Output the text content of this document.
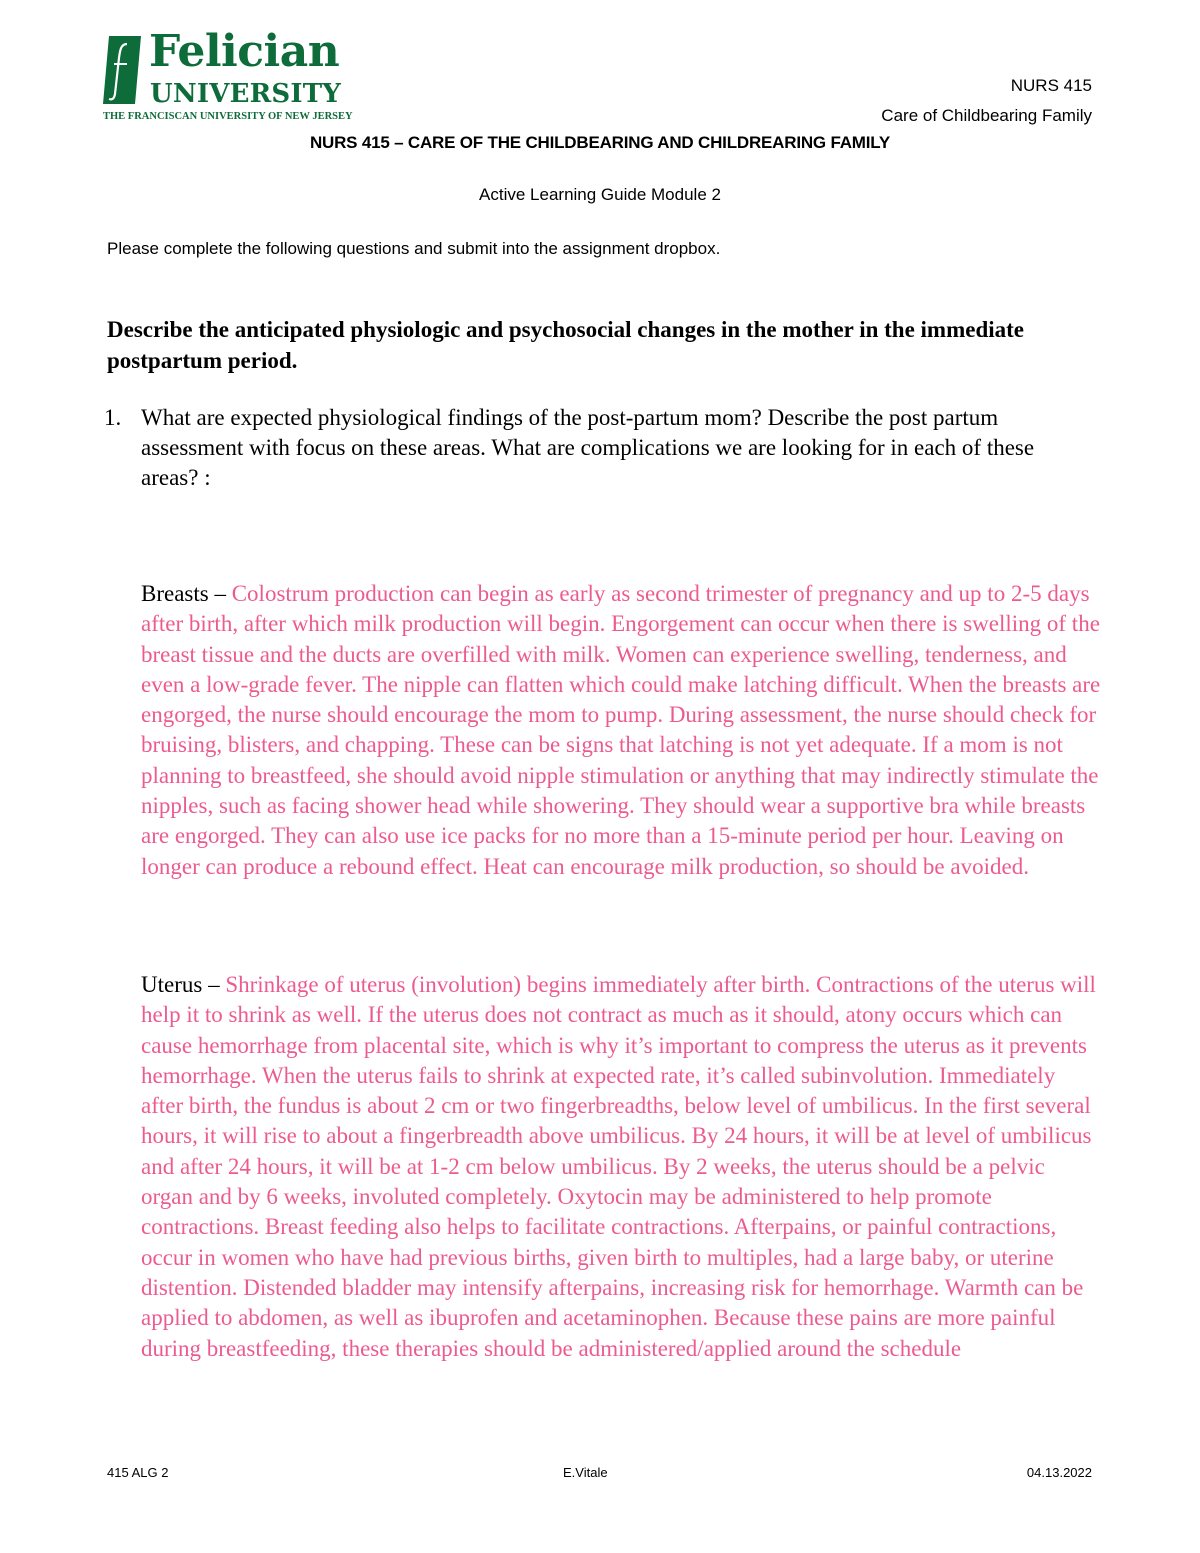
Felician
UNIVERSITY
THE FRANCISCAN UNIVERSITY OF NEW JERSEY
NURS 415
Care of Childbearing Family
NURS 415 – CARE OF THE CHILDBEARING AND CHILDREARING FAMILY
Active Learning Guide Module 2
Please complete the following questions and submit into the assignment dropbox.
Describe the anticipated physiologic and psychosocial changes in the mother in the immediate postpartum period.
1. What are expected physiological findings of the post-partum mom? Describe the post partum assessment with focus on these areas. What are complications we are looking for in each of these areas? :
Breasts – Colostrum production can begin as early as second trimester of pregnancy and up to 2-5 days after birth, after which milk production will begin. Engorgement can occur when there is swelling of the breast tissue and the ducts are overfilled with milk. Women can experience swelling, tenderness, and even a low-grade fever. The nipple can flatten which could make latching difficult. When the breasts are engorged, the nurse should encourage the mom to pump. During assessment, the nurse should check for bruising, blisters, and chapping. These can be signs that latching is not yet adequate. If a mom is not planning to breastfeed, she should avoid nipple stimulation or anything that may indirectly stimulate the nipples, such as facing shower head while showering. They should wear a supportive bra while breasts are engorged. They can also use ice packs for no more than a 15-minute period per hour. Leaving on longer can produce a rebound effect. Heat can encourage milk production, so should be avoided.
Uterus – Shrinkage of uterus (involution) begins immediately after birth. Contractions of the uterus will help it to shrink as well. If the uterus does not contract as much as it should, atony occurs which can cause hemorrhage from placental site, which is why it’s important to compress the uterus as it prevents hemorrhage. When the uterus fails to shrink at expected rate, it’s called subinvolution. Immediately after birth, the fundus is about 2 cm or two fingerbreadths, below level of umbilicus. In the first several hours, it will rise to about a fingerbreadth above umbilicus. By 24 hours, it will be at level of umbilicus and after 24 hours, it will be at 1-2 cm below umbilicus. By 2 weeks, the uterus should be a pelvic organ and by 6 weeks, involuted completely. Oxytocin may be administered to help promote contractions. Breast feeding also helps to facilitate contractions. Afterpains, or painful contractions, occur in women who have had previous births, given birth to multiples, had a large baby, or uterine distention. Distended bladder may intensify afterpains, increasing risk for hemorrhage. Warmth can be applied to abdomen, as well as ibuprofen and acetaminophen. Because these pains are more painful during breastfeeding, these therapies should be administered/applied around the schedule
415 ALG 2	E.Vitale	04.13.2022
